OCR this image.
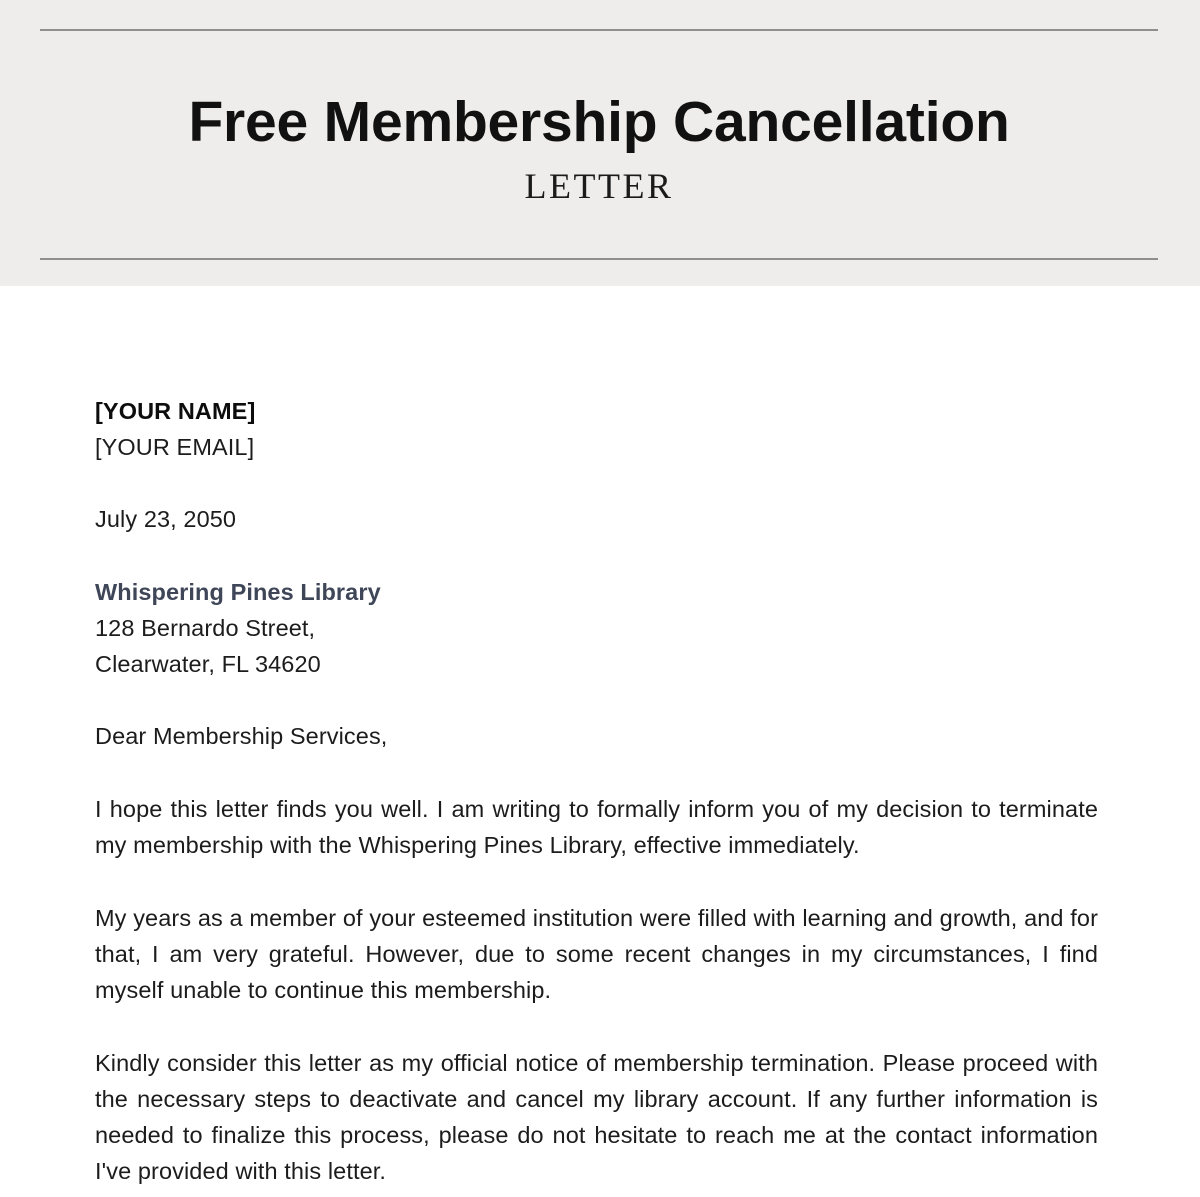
Free Membership Cancellation
LETTER
[YOUR NAME]
[YOUR EMAIL]
July 23, 2050
Whispering Pines Library
128 Bernardo Street,
Clearwater, FL 34620
Dear Membership Services,

I hope this letter finds you well. I am writing to formally inform you of my decision to terminate my membership with the Whispering Pines Library, effective immediately.

My years as a member of your esteemed institution were filled with learning and growth, and for that, I am very grateful. However, due to some recent changes in my circumstances, I find myself unable to continue this membership.

Kindly consider this letter as my official notice of membership termination. Please proceed with the necessary steps to deactivate and cancel my library account. If any further information is needed to finalize this process, please do not hesitate to reach me at the contact information I've provided with this letter.
